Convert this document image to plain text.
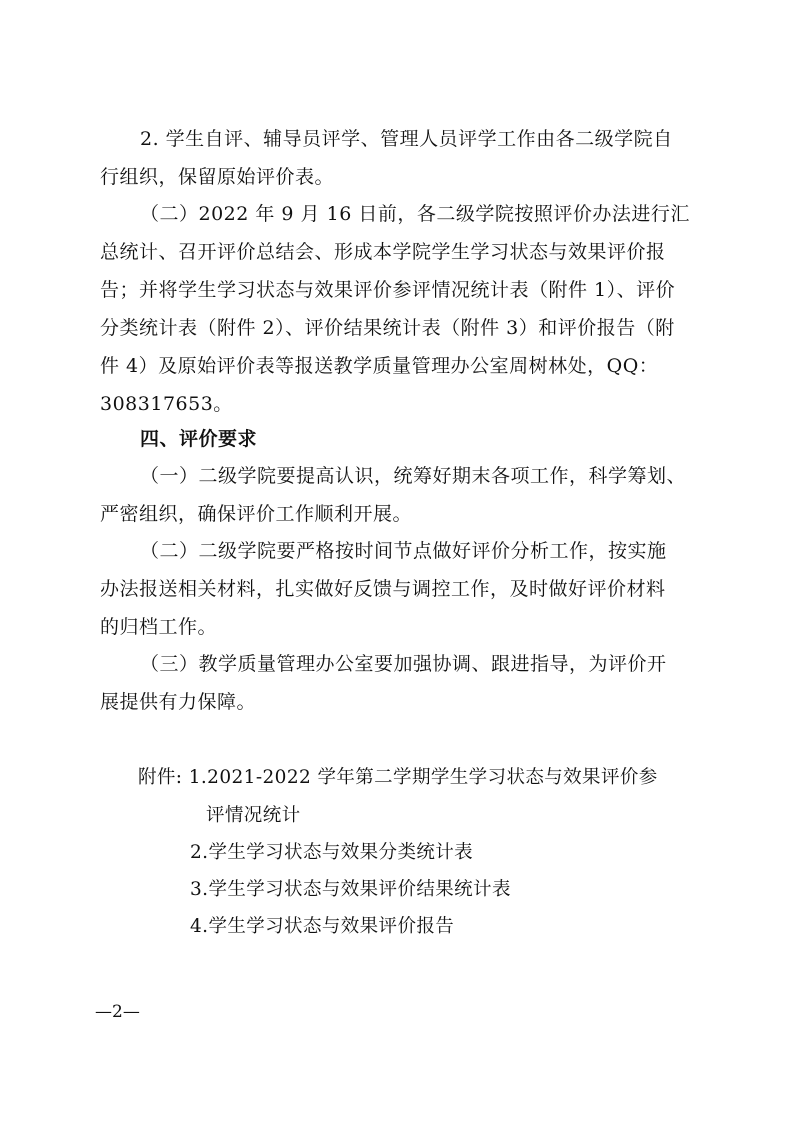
2. 学生自评、辅导员评学、管理人员评学工作由各二级学院自
行组织，保留原始评价表。
（二）2022 年 9 月 16 日前，各二级学院按照评价办法进行汇
总统计、召开评价总结会、形成本学院学生学习状态与效果评价报
告；并将学生学习状态与效果评价参评情况统计表（附件 1）、评价
分类统计表（附件 2）、评价结果统计表（附件 3）和评价报告（附
件 4）及原始评价表等报送教学质量管理办公室周树林处，QQ：
308317653。
四、评价要求
（一）二级学院要提高认识，统筹好期末各项工作，科学筹划、
严密组织，确保评价工作顺利开展。
（二）二级学院要严格按时间节点做好评价分析工作，按实施
办法报送相关材料，扎实做好反馈与调控工作，及时做好评价材料
的归档工作。
（三）教学质量管理办公室要加强协调、跟进指导，为评价开
展提供有力保障。
附件: 1.2021-2022 学年第二学期学生学习状态与效果评价参
评情况统计
2.学生学习状态与效果分类统计表
3.学生学习状态与效果评价结果统计表
4.学生学习状态与效果评价报告
—2—
